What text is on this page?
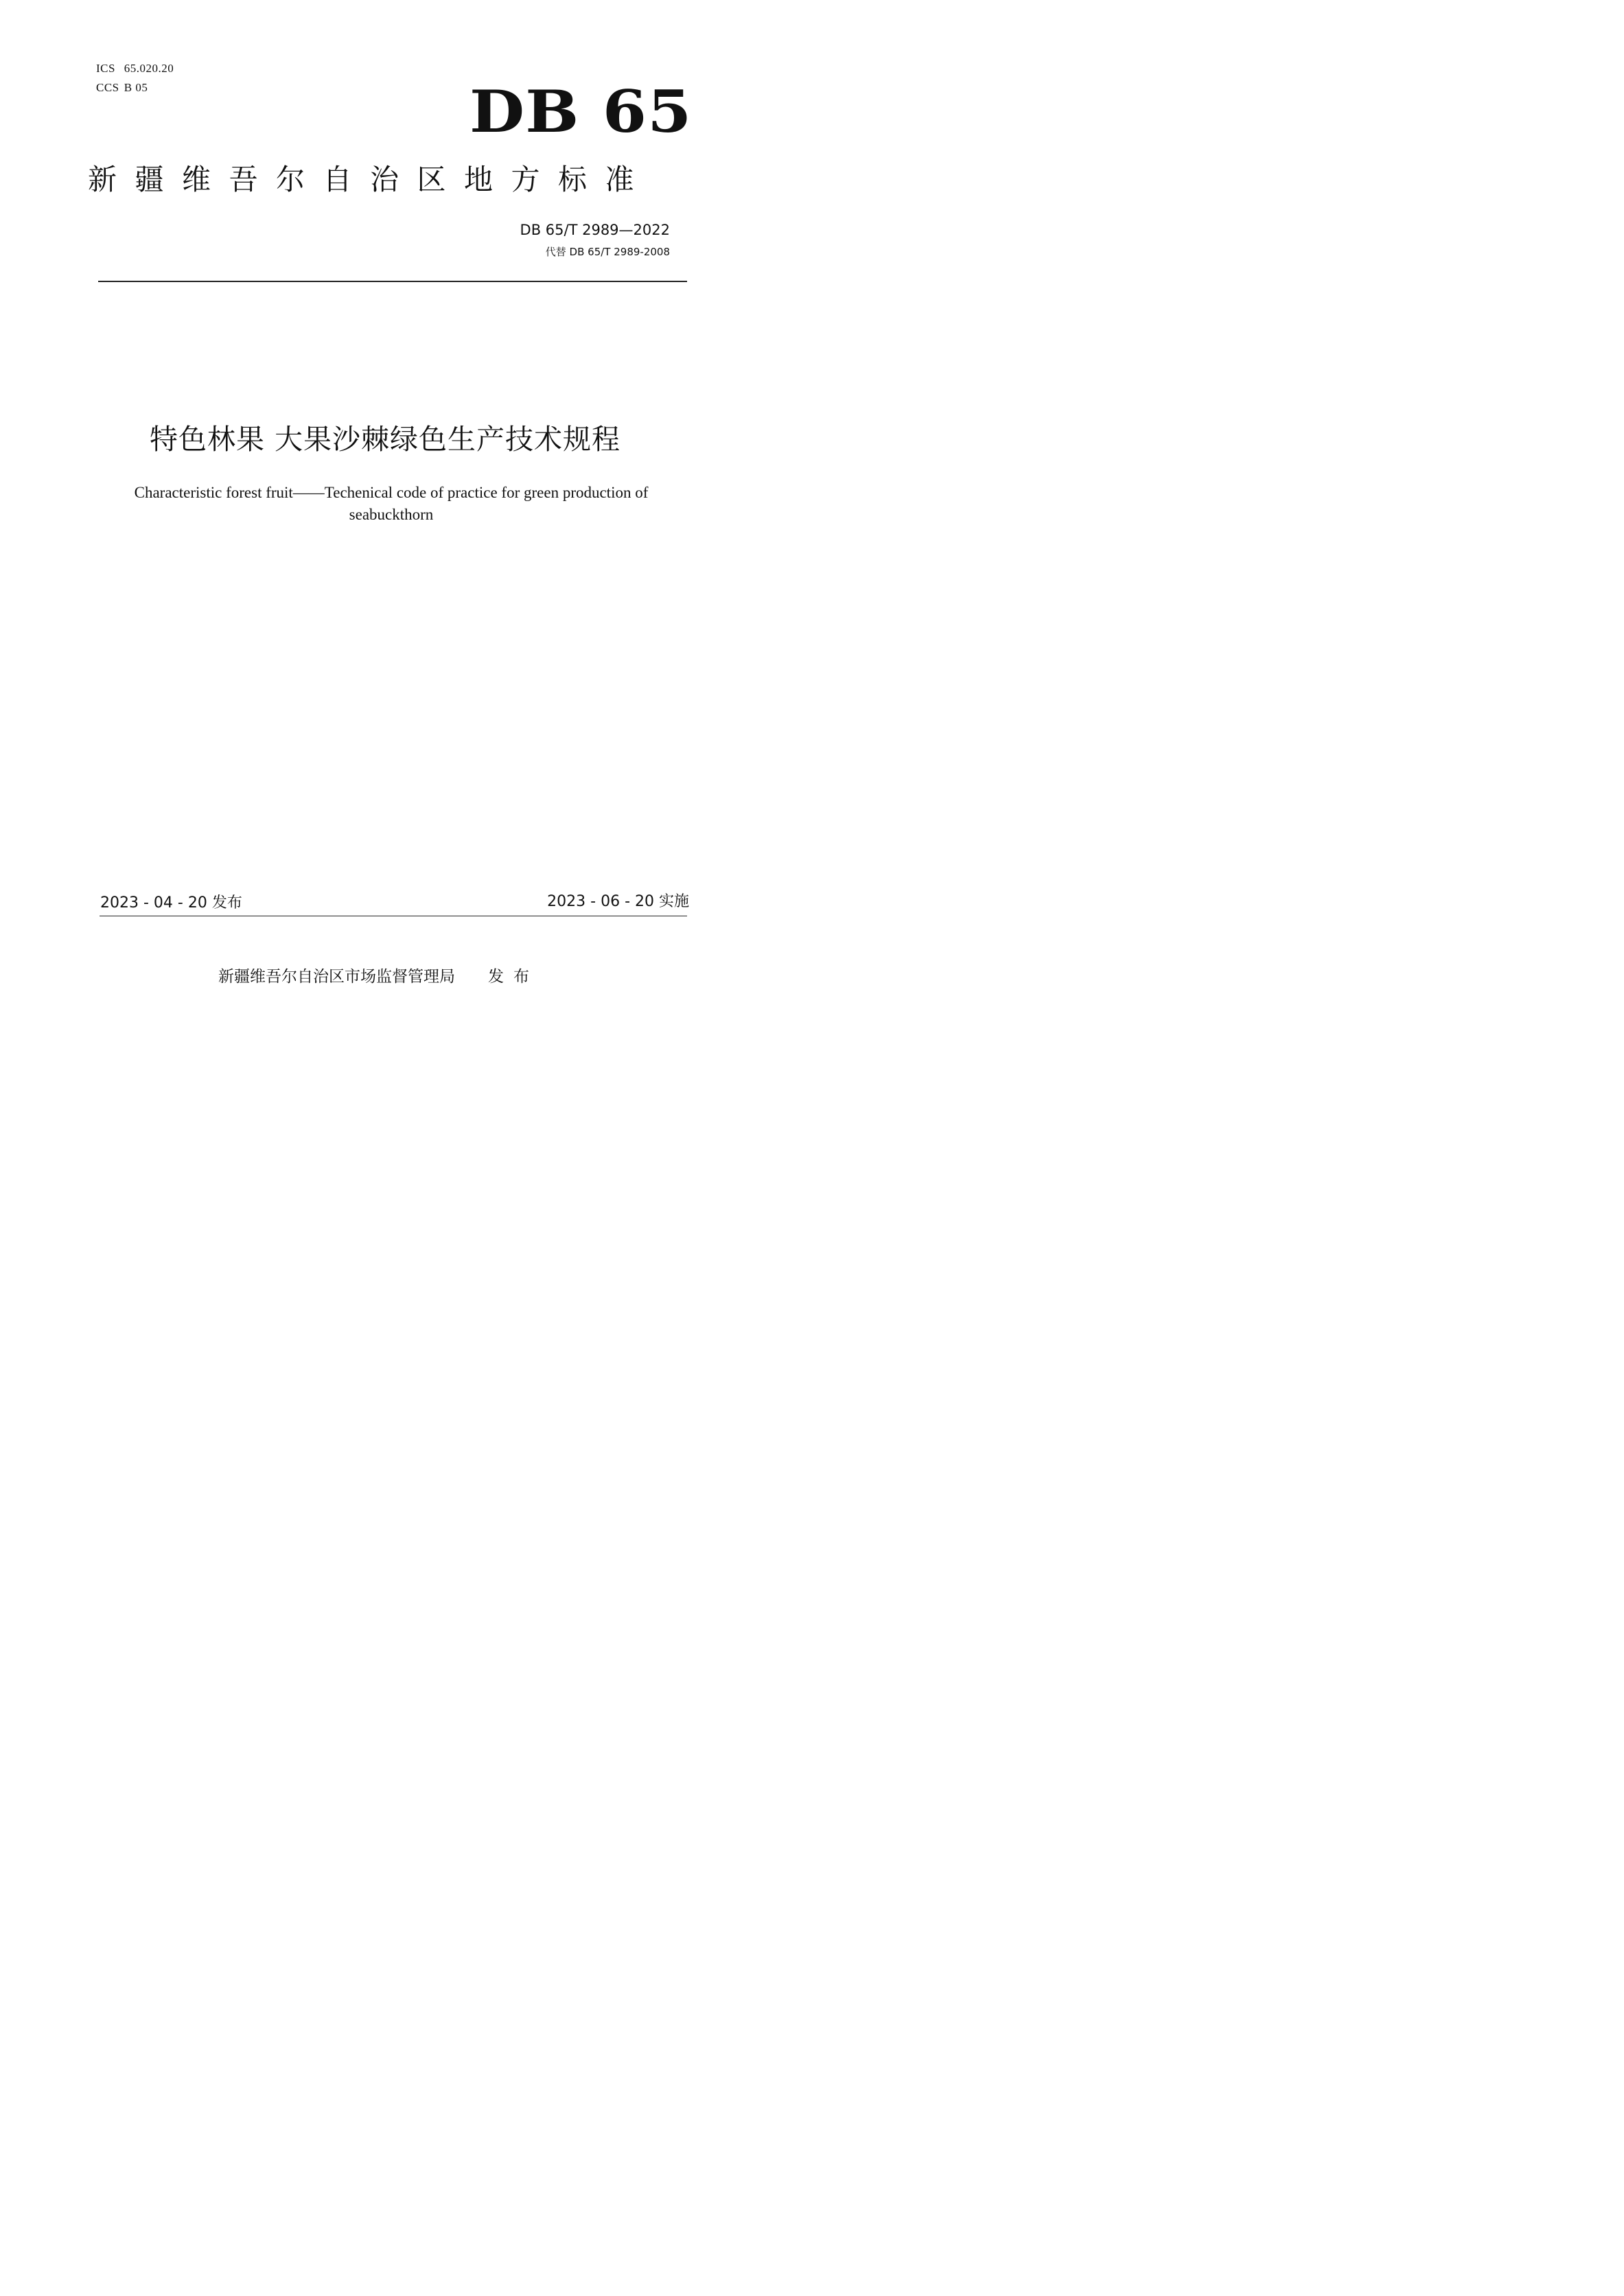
ICS 65.020.20
CCS B 05	DB 65
新疆维吾尔自治区地方标准
DB 65/T 2989—2022
代替 DB 65/T 2989-2008
特色林果 大果沙棘绿色生产技术规程
Characteristic forest fruit——Techenical code of practice for green production of seabuckthorn
2023 - 04 - 20 发布	2023 - 06 - 20 实施
新疆维吾尔自治区市场监督管理局 发布
